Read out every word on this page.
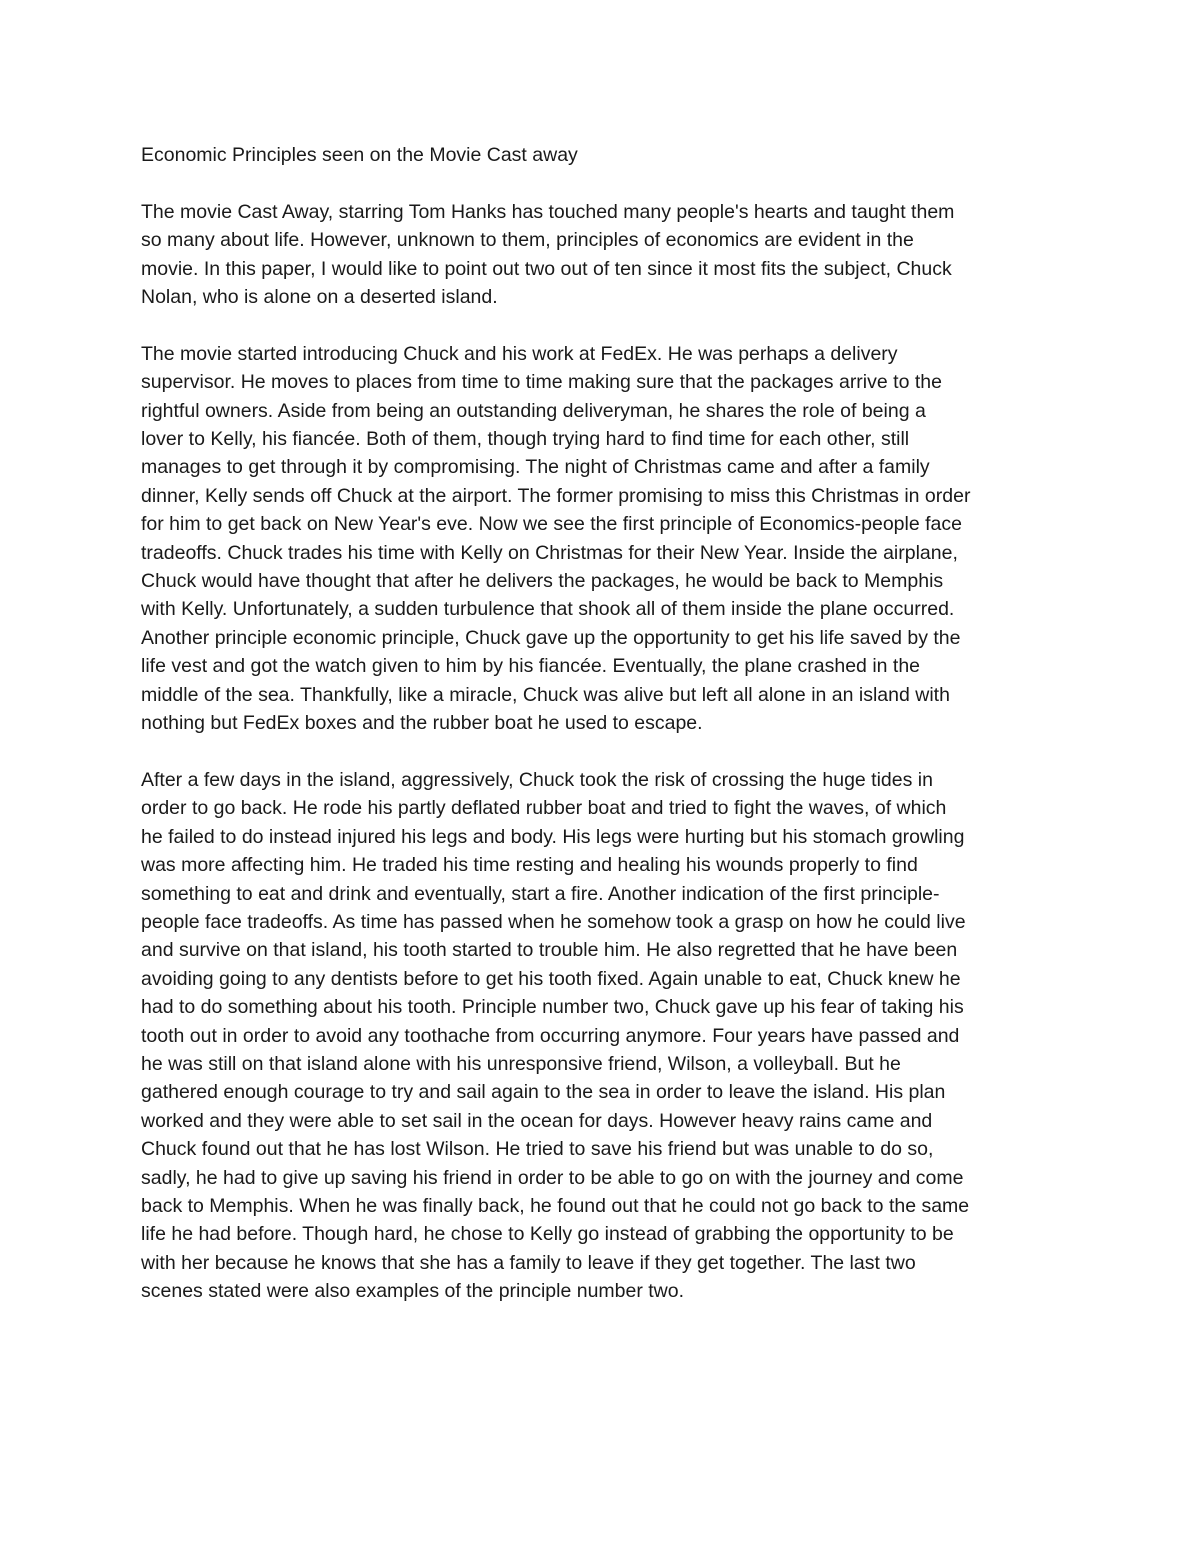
Economic Principles seen on the Movie Cast away

The movie Cast Away, starring Tom Hanks has touched many people's hearts and taught them
so many about life. However, unknown to them, principles of economics are evident in the
movie. In this paper, I would like to point out two out of ten since it most fits the subject, Chuck
Nolan, who is alone on a deserted island.

The movie started introducing Chuck and his work at FedEx. He was perhaps a delivery
supervisor. He moves to places from time to time making sure that the packages arrive to the
rightful owners. Aside from being an outstanding deliveryman, he shares the role of being a
lover to Kelly, his fiancée. Both of them, though trying hard to find time for each other, still
manages to get through it by compromising. The night of Christmas came and after a family
dinner, Kelly sends off Chuck at the airport. The former promising to miss this Christmas in order
for him to get back on New Year's eve. Now we see the first principle of Economics-people face
tradeoffs. Chuck trades his time with Kelly on Christmas for their New Year. Inside the airplane,
Chuck would have thought that after he delivers the packages, he would be back to Memphis
with Kelly. Unfortunately, a sudden turbulence that shook all of them inside the plane occurred.
Another principle economic principle, Chuck gave up the opportunity to get his life saved by the
life vest and got the watch given to him by his fiancée. Eventually, the plane crashed in the
middle of the sea. Thankfully, like a miracle, Chuck was alive but left all alone in an island with
nothing but FedEx boxes and the rubber boat he used to escape.

After a few days in the island, aggressively, Chuck took the risk of crossing the huge tides in
order to go back. He rode his partly deflated rubber boat and tried to fight the waves, of which
he failed to do instead injured his legs and body. His legs were hurting but his stomach growling
was more affecting him. He traded his time resting and healing his wounds properly to find
something to eat and drink and eventually, start a fire. Another indication of the first principle-
people face tradeoffs. As time has passed when he somehow took a grasp on how he could live
and survive on that island, his tooth started to trouble him. He also regretted that he have been
avoiding going to any dentists before to get his tooth fixed. Again unable to eat, Chuck knew he
had to do something about his tooth. Principle number two, Chuck gave up his fear of taking his
tooth out in order to avoid any toothache from occurring anymore. Four years have passed and
he was still on that island alone with his unresponsive friend, Wilson, a volleyball. But he
gathered enough courage to try and sail again to the sea in order to leave the island. His plan
worked and they were able to set sail in the ocean for days. However heavy rains came and
Chuck found out that he has lost Wilson. He tried to save his friend but was unable to do so,
sadly, he had to give up saving his friend in order to be able to go on with the journey and come
back to Memphis. When he was finally back, he found out that he could not go back to the same
life he had before. Though hard, he chose to Kelly go instead of grabbing the opportunity to be
with her because he knows that she has a family to leave if they get together. The last two
scenes stated were also examples of the principle number two.
